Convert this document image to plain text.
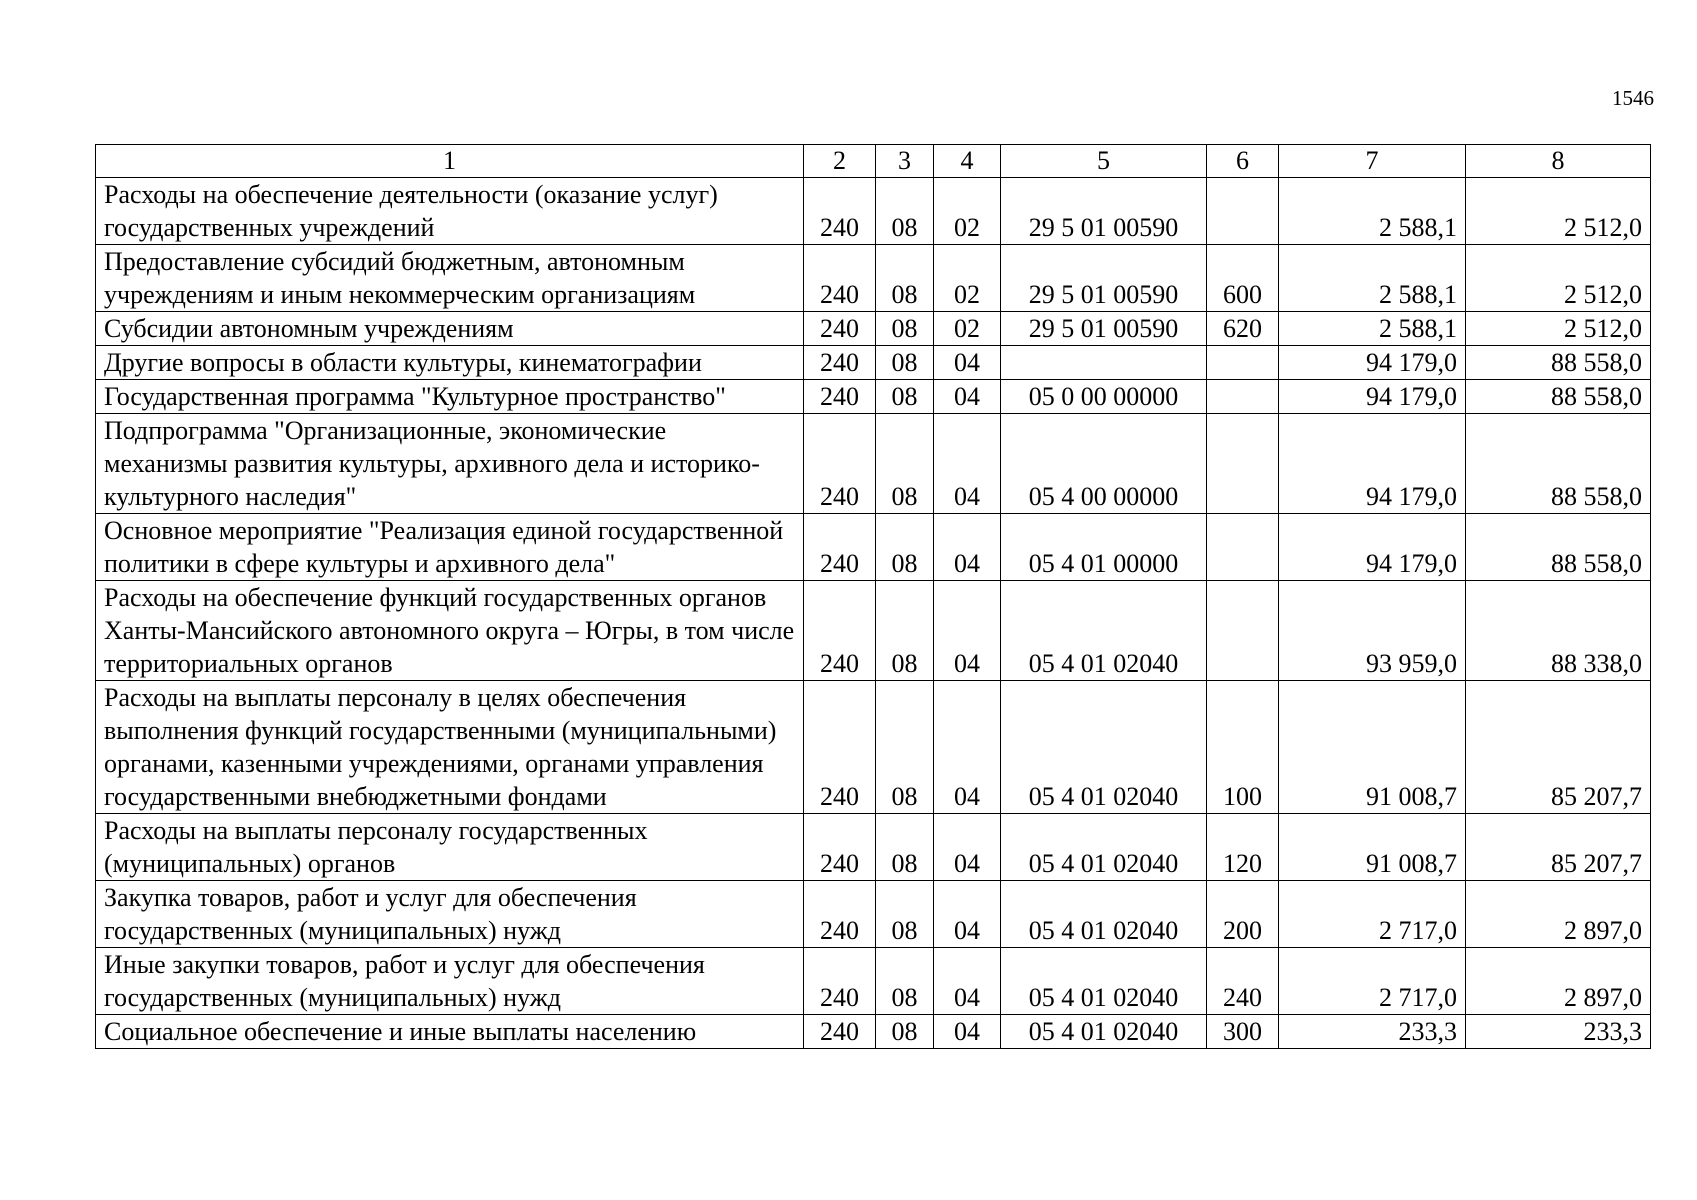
1546
1	2	3	4	5	6	7	8
Расходы на обеспечение деятельности (оказание услуг) государственных учреждений	240	08	02	29 5 01 00590		2 588,1	2 512,0
Предоставление субсидий бюджетным, автономным учреждениям и иным некоммерческим организациям	240	08	02	29 5 01 00590	600	2 588,1	2 512,0
Субсидии автономным учреждениям	240	08	02	29 5 01 00590	620	2 588,1	2 512,0
Другие вопросы в области культуры, кинематографии	240	08	04			94 179,0	88 558,0
Государственная программа "Культурное пространство"	240	08	04	05 0 00 00000		94 179,0	88 558,0
Подпрограмма "Организационные, экономические механизмы развития культуры, архивного дела и историко-культурного наследия"	240	08	04	05 4 00 00000		94 179,0	88 558,0
Основное мероприятие "Реализация единой государственной политики в сфере культуры и архивного дела"	240	08	04	05 4 01 00000		94 179,0	88 558,0
Расходы на обеспечение функций государственных органов Ханты-Мансийского автономного округа – Югры, в том числе территориальных органов	240	08	04	05 4 01 02040		93 959,0	88 338,0
Расходы на выплаты персоналу в целях обеспечения выполнения функций государственными (муниципальными) органами, казенными учреждениями, органами управления государственными внебюджетными фондами	240	08	04	05 4 01 02040	100	91 008,7	85 207,7
Расходы на выплаты персоналу государственных (муниципальных) органов	240	08	04	05 4 01 02040	120	91 008,7	85 207,7
Закупка товаров, работ и услуг для обеспечения государственных (муниципальных) нужд	240	08	04	05 4 01 02040	200	2 717,0	2 897,0
Иные закупки товаров, работ и услуг для обеспечения государственных (муниципальных) нужд	240	08	04	05 4 01 02040	240	2 717,0	2 897,0
Социальное обеспечение и иные выплаты населению	240	08	04	05 4 01 02040	300	233,3	233,3
